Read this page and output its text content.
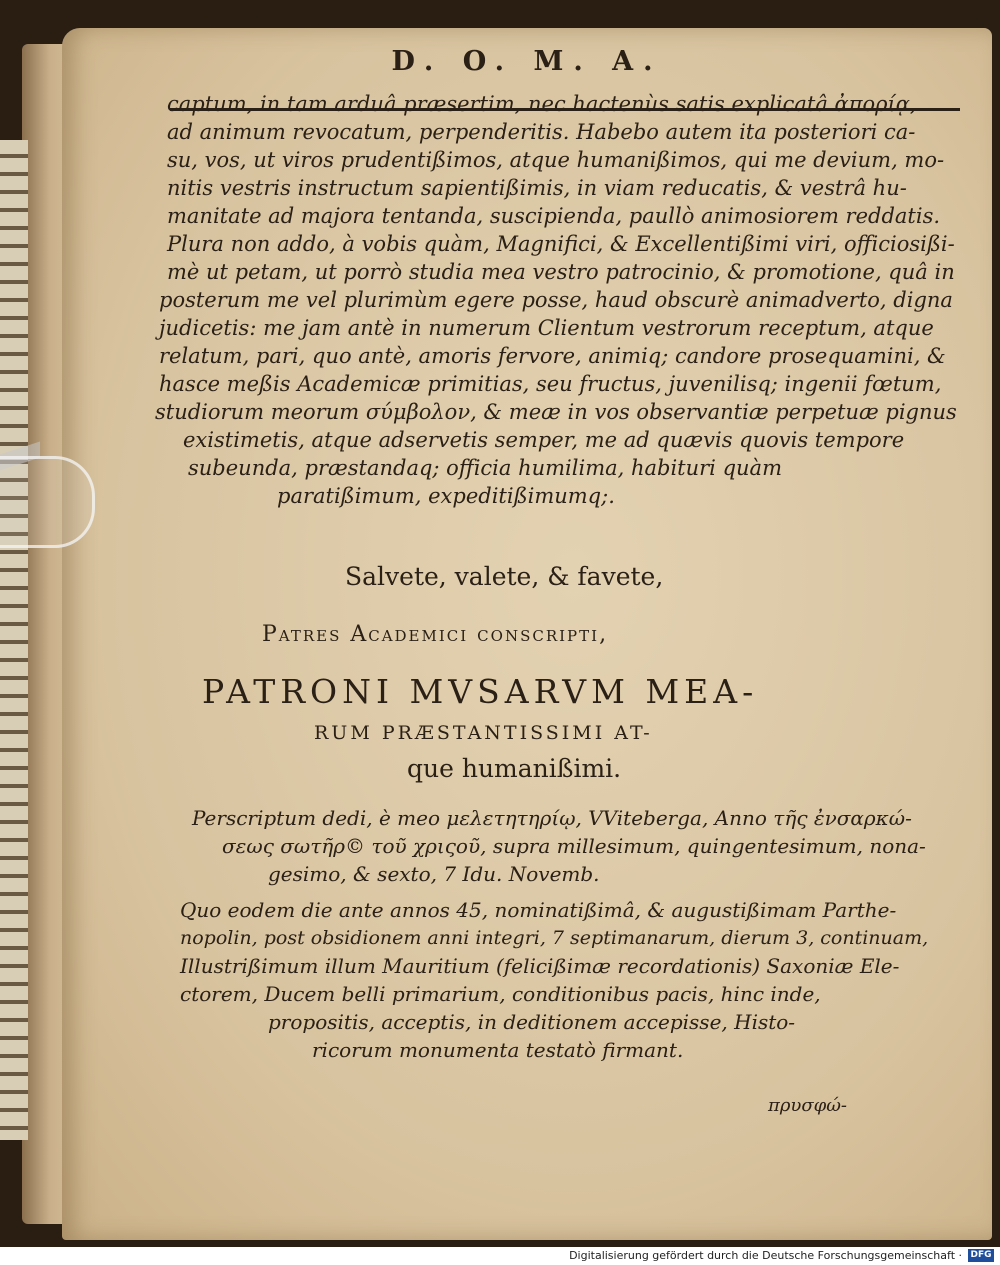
D. O. M. A.
captum, in tam arduâ præsertim, nec hactenùs satis explicatâ ἀπορίᾳ,
ad animum revocatum, perpenderitis. Habebo autem ita posteriori ca-
su, vos, ut viros prudentißimos, atque humanißimos, qui me devium, mo-
nitis vestris instructum sapientißimis, in viam reducatis, & vestrâ hu-
manitate ad majora tentanda, suscipienda, paullò animosiorem reddatis.
Plura non addo, à vobis quàm, Magnifici, & Excellentißimi viri, officiosißi-
mè ut petam, ut porrò studia mea vestro patrocinio, & promotione, quâ in
posterum me vel plurimùm egere posse, haud obscurè animadverto, digna
judicetis: me jam antè in numerum Clientum vestrorum receptum, atque
relatum, pari, quo antè, amoris fervore, animiq; candore prosequamini, &
hasce meßis Academicæ primitias, seu fructus, juvenilisq; ingenii fœtum,
studiorum meorum σύμβολον, & meæ in vos observantiæ perpetuæ pignus
existimetis, atque adservetis semper, me ad quævis quovis tempore
subeunda, præstandaq; officia humilima, habituri quàm
paratißimum, expeditißimumq;.
Salvete, valete, & favete,
Patres Academici conscripti,
PATRONI MVSARVM MEA-
RUM PRÆSTANTISSIMI AT-
que humanißimi.
Perscriptum dedi, è meo μελετητηρίῳ, VViteberga, Anno τῆς ἐνσαρκώ-
σεως σωτῆρ© τοῦ χριςοῦ, supra millesimum, quingentesimum, nona-
gesimo, & sexto, 7 Idu. Novemb.
Quo eodem die ante annos 45, nominatißimâ, & augustißimam Parthe-
nopolin, post obsidionem anni integri, 7 septimanarum, dierum 3, continuam,
Illustrißimum illum Mauritium (felicißimæ recordationis) Saxoniæ Ele-
ctorem, Ducem belli primarium, conditionibus pacis, hinc inde,
propositis, acceptis, in deditionem accepisse, Histo-
ricorum monumenta testatò firmant.
πρυσφώ-
Digitalisierung gefördert durch die Deutsche Forschungsgemeinschaft · DFG
